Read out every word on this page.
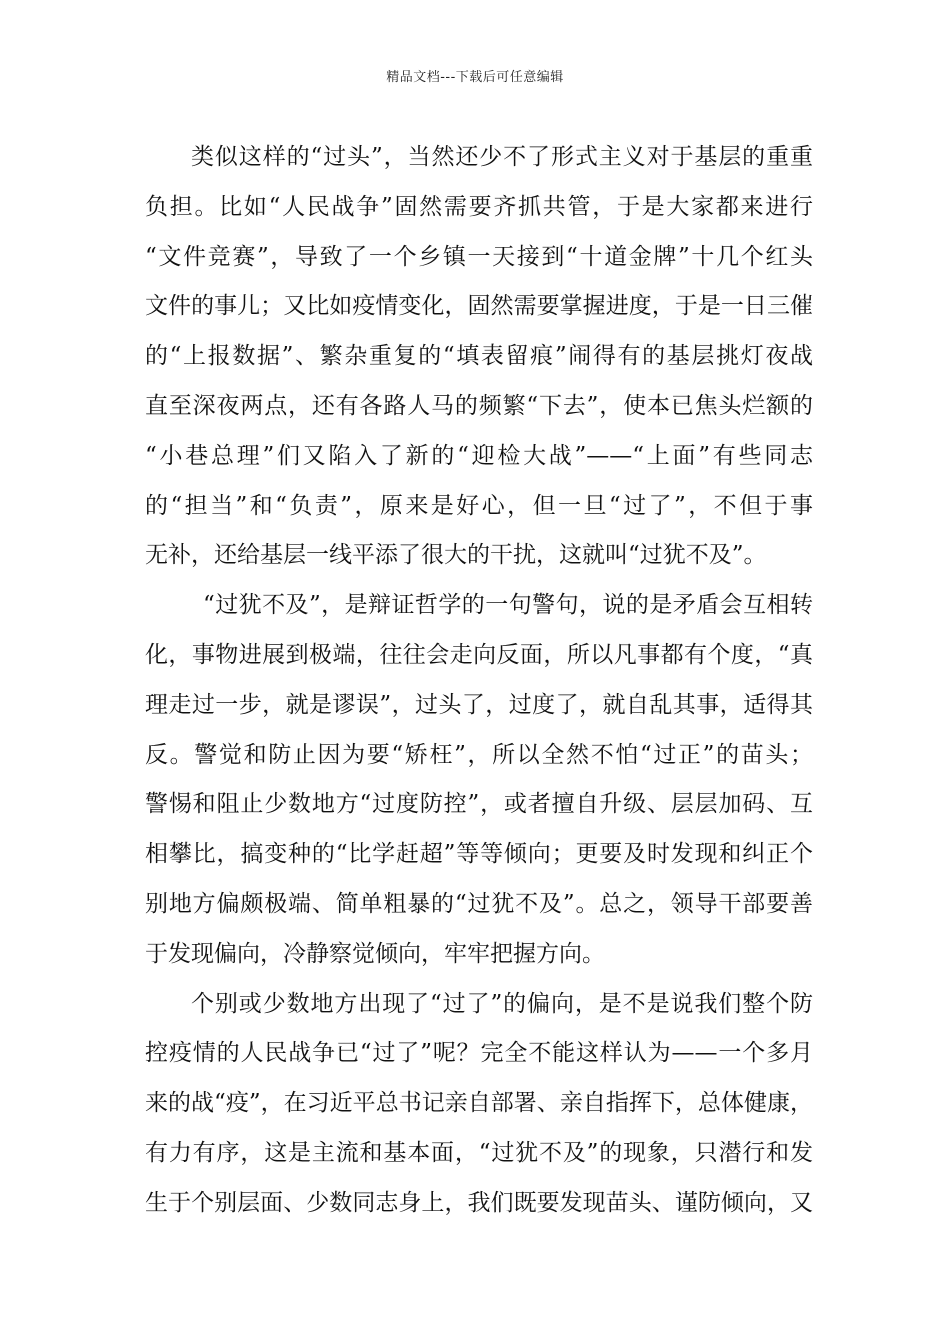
精品文档---下载后可任意编辑
类似这样的“过头”，当然还少不了形式主义对于基层的重重
负担。比如“人民战争”固然需要齐抓共管，于是大家都来进行
“文件竞赛”，导致了一个乡镇一天接到“十道金牌”十几个红头
文件的事儿；又比如疫情变化，固然需要掌握进度，于是一日三催
的“上报数据”、繁杂重复的“填表留痕”闹得有的基层挑灯夜战
直至深夜两点，还有各路人马的频繁“下去”，使本已焦头烂额的
“小巷总理”们又陷入了新的“迎检大战”——“上面”有些同志
的“担当”和“负责”，原来是好心，但一旦“过了”，不但于事
无补，还给基层一线平添了很大的干扰，这就叫“过犹不及”。
“过犹不及”，是辩证哲学的一句警句，说的是矛盾会互相转
化，事物进展到极端，往往会走向反面，所以凡事都有个度，“真
理走过一步，就是谬误”，过头了，过度了，就自乱其事，适得其
反。警觉和防止因为要“矫枉”，所以全然不怕“过正”的苗头；
警惕和阻止少数地方“过度防控”，或者擅自升级、层层加码、互
相攀比，搞变种的“比学赶超”等等倾向；更要及时发现和纠正个
别地方偏颇极端、简单粗暴的“过犹不及”。总之，领导干部要善
于发现偏向，冷静察觉倾向，牢牢把握方向。
个别或少数地方出现了“过了”的偏向，是不是说我们整个防
控疫情的人民战争已“过了”呢？完全不能这样认为——一个多月
来的战“疫”，在习近平总书记亲自部署、亲自指挥下，总体健康，
有力有序，这是主流和基本面，“过犹不及”的现象，只潜行和发
生于个别层面、少数同志身上，我们既要发现苗头、谨防倾向，又
